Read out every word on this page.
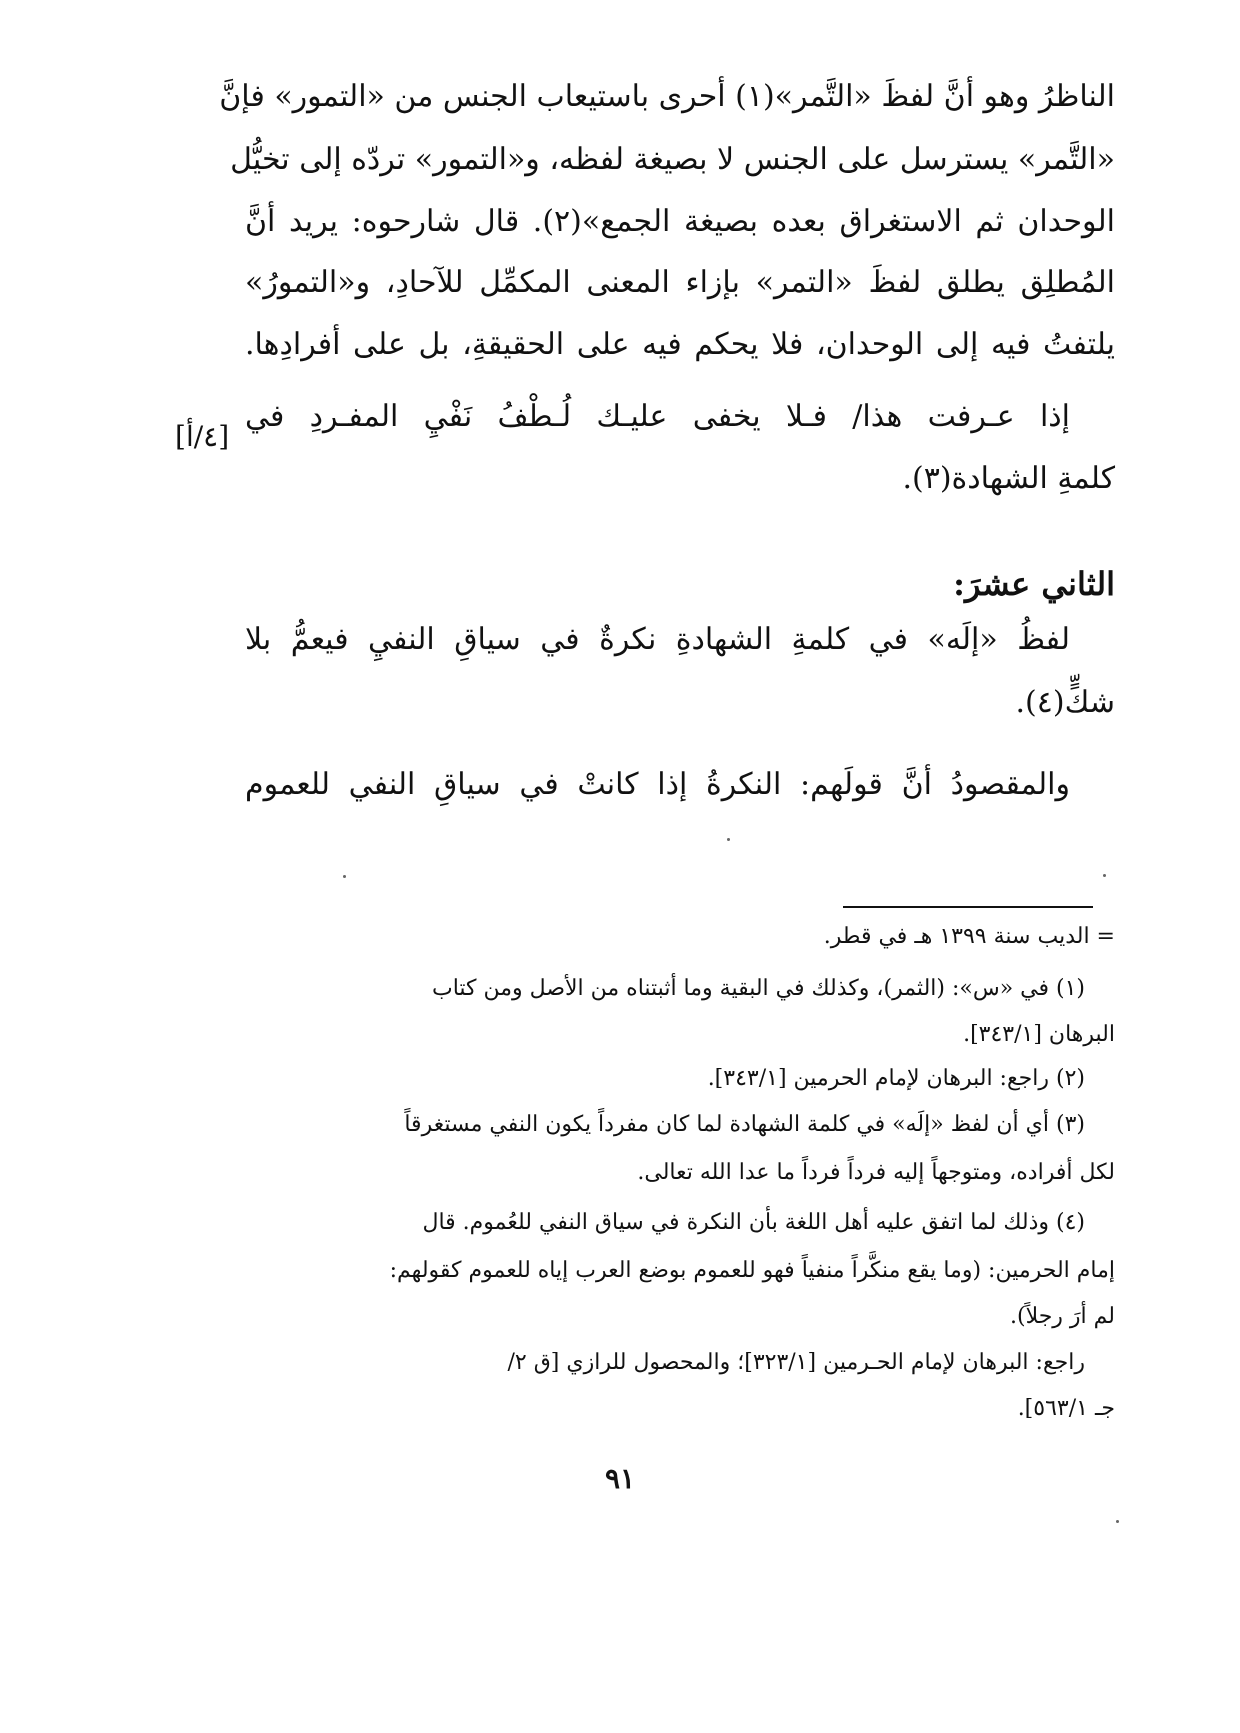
الناظرُ وهو أنَّ لفظَ «التَّمر»(١) أحرى باستيعاب الجنس من «التمور» فإنَّ
«التَّمر» يسترسل على الجنس لا بصيغة لفظه، و«التمور» تردّه إلى تخيُّل
الوحدان ثم الاستغراق بعده بصيغة الجمع»(٢). قال شارحوه: يريد أنَّ
المُطلِق يطلق لفظَ «التمر» بإزاء المعنى المكمِّل للآحادِ، و«التمورُ»
يلتفتُ فيه إلى الوحدان، فلا يحكم فيه على الحقيقةِ، بل على أفرادِها.
إذا عـرفت هذا/ فـلا يخفى عليـك لُـطْفُ نَفْيِ المفـردِ في
[٤/أ]
كلمةِ الشهادة(٣).
الثاني عشرَ:
لفظُ «إلَه» في كلمةِ الشهادةِ نكرةٌ في سياقِ النفيِ فيعمُّ بلا
شكٍّ(٤).
والمقصودُ أنَّ قولَهم: النكرةُ إذا كانتْ في سياقِ النفي للعموم
= الديب سنة ١٣٩٩ هـ في قطر.
(١) في «س»: (الثمر)، وكذلك في البقية وما أثبتناه من الأصل ومن كتاب
البرهان [٣٤٣/١].
(٢) راجع: البرهان لإمام الحرمين [٣٤٣/١].
(٣) أي أن لفظ «إلَه» في كلمة الشهادة لما كان مفرداً يكون النفي مستغرقاً
لكل أفراده، ومتوجهاً إليه فرداً فرداً ما عدا الله تعالى.
(٤) وذلك لما اتفق عليه أهل اللغة بأن النكرة في سياق النفي للعُموم. قال
إمام الحرمين: (وما يقع منكَّراً منفياً فهو للعموم بوضع العرب إياه للعموم كقولهم:
لم أرَ رجلاً).
راجع: البرهان لإمام الحـرمين [٣٢٣/١]؛ والمحصول للرازي [ق ٢/
جـ ٥٦٣/١].
٩١
